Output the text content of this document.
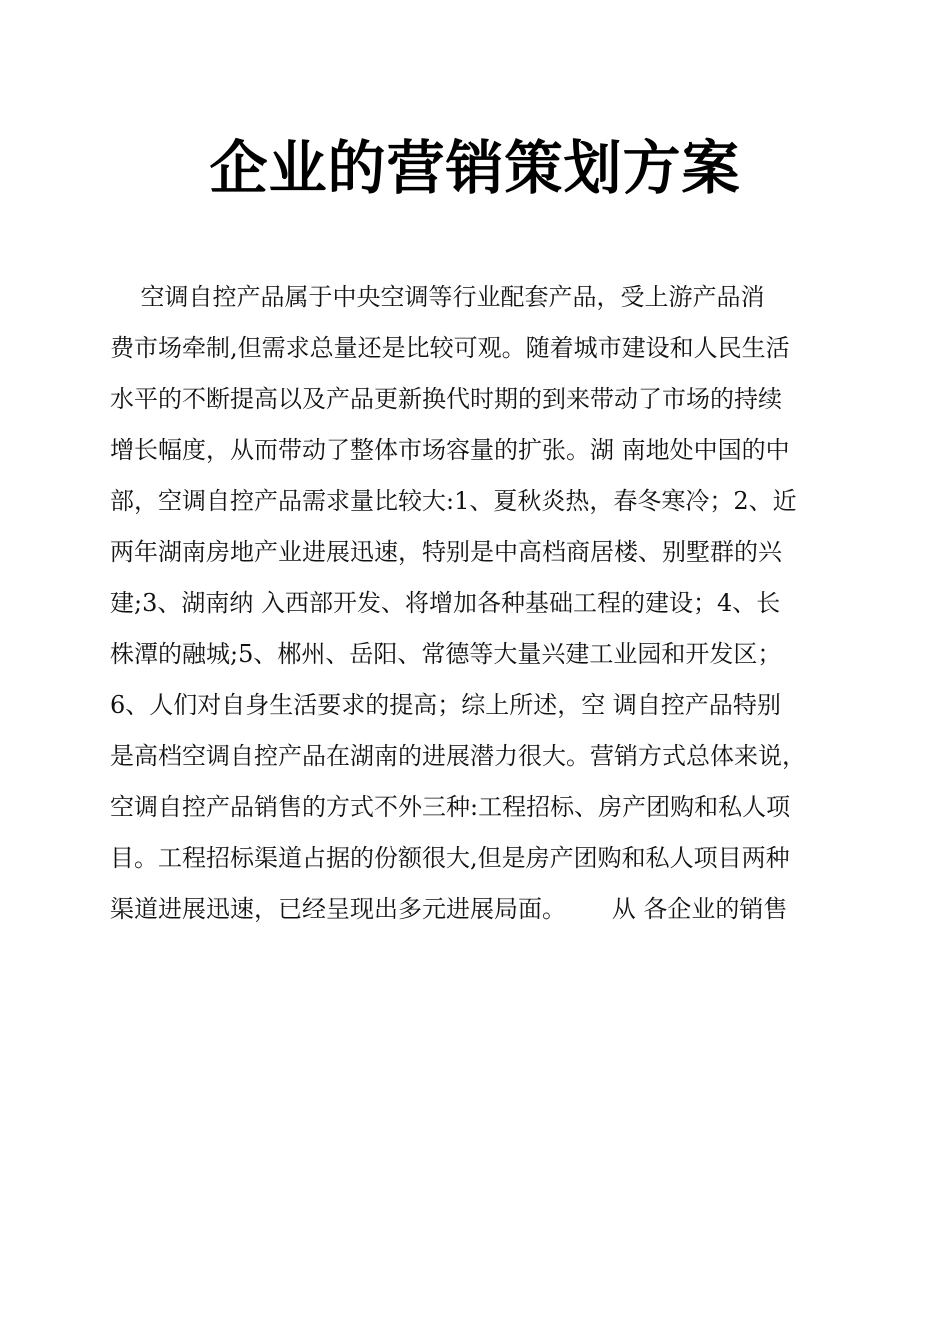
企业的营销策划方案
空调自控产品属于中央空调等行业配套产品，受上游产品消
费市场牵制,但需求总量还是比较可观。随着城市建设和人民生活
水平的不断提高以及产品更新换代时期的到来带动了市场的持续
增长幅度，从而带动了整体市场容量的扩张。湖 南地处中国的中
部，空调自控产品需求量比较大:1、夏秋炎热，春冬寒冷；2、近
两年湖南房地产业进展迅速，特别是中高档商居楼、别墅群的兴
建;3、湖南纳 入西部开发、将增加各种基础工程的建设；4、长
株潭的融城;5、郴州、岳阳、常德等大量兴建工业园和开发区；
6、人们对自身生活要求的提高；综上所述，空 调自控产品特别
是高档空调自控产品在湖南的进展潜力很大。营销方式总体来说，
空调自控产品销售的方式不外三种:工程招标、房产团购和私人项
目。工程招标渠道占据的份额很大,但是房产团购和私人项目两种
渠道进展迅速，已经呈现出多元进展局面。      从 各企业的销售
